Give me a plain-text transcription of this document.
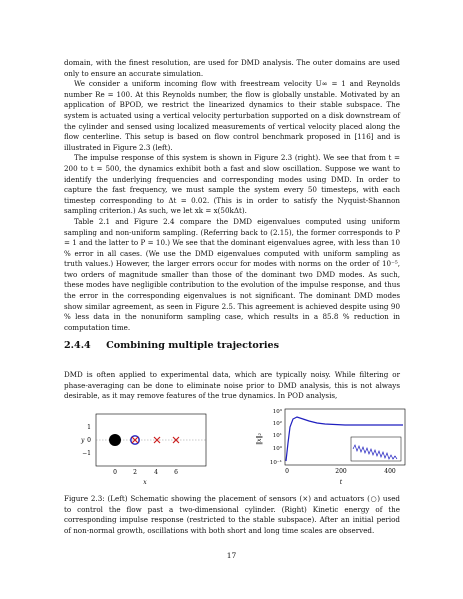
domain, with the finest resolution, are used for DMD analysis. The outer domains are used only to ensure an accurate simulation.

We consider a uniform incoming flow with freestream velocity U∞ = 1 and Reynolds number Re = 100. At this Reynolds number, the flow is globally unstable. Motivated by an application of BPOD, we restrict the linearized dynamics to their stable subspace. The system is actuated using a vertical velocity perturbation supported on a disk downstream of the cylinder and sensed using localized measurements of vertical velocity placed along the flow centerline. This setup is based on flow control benchmark proposed in [116] and is illustrated in Figure 2.3 (left).

The impulse response of this system is shown in Figure 2.3 (right). We see that from t = 200 to t = 500, the dynamics exhibit both a fast and slow oscillation. Suppose we want to identify the underlying frequencies and corresponding modes using DMD. In order to capture the fast frequency, we must sample the system every 50 timesteps, with each timestep corresponding to Δt = 0.02. (This is in order to satisfy the Nyquist-Shannon sampling criterion.) As such, we let xk = x(50kΔt).

Table 2.1 and Figure 2.4 compare the DMD eigenvalues computed using uniform sampling and non-uniform sampling. (Referring back to (2.15), the former corresponds to P = 1 and the latter to P = 10.) We see that the dominant eigenvalues agree, with less than 10 % error in all cases. (We use the DMD eigenvalues computed with uniform sampling as truth values.) However, the larger errors occur for modes with norms on the order of 10⁻⁵, two orders of magnitude smaller than those of the dominant two DMD modes. As such, these modes have negligible contribution to the evolution of the impulse response, and thus the error in the corresponding eigenvalues is not significant. The dominant DMD modes show similar agreement, as seen in Figure 2.5. This agreement is achieved despite using 90 % less data in the nonuniform sampling case, which results in a 85.8 % reduction in computation time.

2.4.4 Combining multiple trajectories

DMD is often applied to experimental data, which are typically noisy. While filtering or phase-averaging can be done to eliminate noise prior to DMD analysis, this is not always desirable, as it may remove features of the true dynamics. In POD analysis,

1
0
−1
y
0	2	4	6
x
10³
10²
10¹
10⁰
10⁻¹
‖x‖₂
0	200	400
t
Figure 2.3: (Left) Schematic showing the placement of sensors (×) and actuators (○) used to control the flow past a two-dimensional cylinder. (Right) Kinetic energy of the corresponding impulse response (restricted to the stable subspace). After an initial period of non-normal growth, oscillations with both short and long time scales are observed.
17
